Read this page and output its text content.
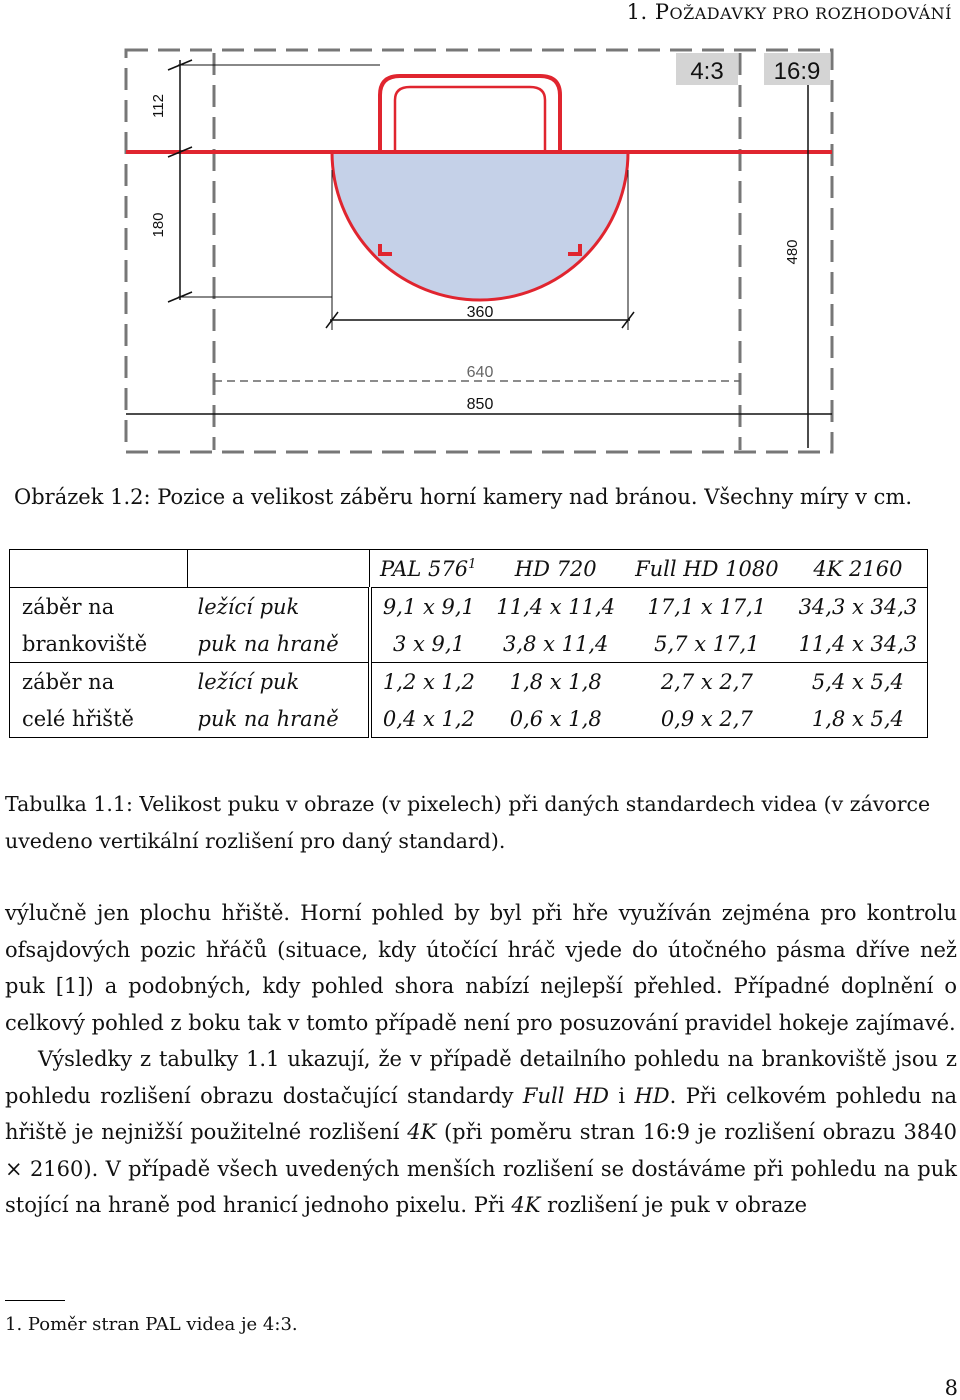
1. POŽADAVKY PRO ROZHODOVÁNÍ
112
180
360
640
850
480
4:3 16:9
Obrázek 1.2: Pozice a velikost záběru horní kamery nad bránou. Všechny míry v cm.
		PAL $576^1$	HD 720	Full HD 1080	4K 2160
záběr na	ležící puk	9,1 x 9,1	11,4 x 11,4	17,1 x 17,1	34,3 x 34,3
brankoviště	puk na hraně	3 x 9,1	3,8 x 11,4	5,7 x 17,1	11,4 x 34,3
záběr na	ležící puk	1,2 x 1,2	1,8 x 1,8	2,7 x 2,7	5,4 x 5,4
celé hřiště	puk na hraně	0,4 x 1,2	0,6 x 1,8	0,9 x 2,7	1,8 x 5,4
Tabulka 1.1: Velikost puku v obraze (v pixelech) při daných standardech videa (v závorce uvedeno vertikální rozlišení pro daný standard).

výlučně jen plochu hřiště. Horní pohled by byl při hře využíván zejména pro kontrolu ofsajdových pozic hřáčů (situace, kdy útočící hráč vjede do útočného pásma dříve než puk [1]) a podobných, kdy pohled shora nabízí nejlepší přehled. Případné doplnění o celkový pohled z boku tak v tomto případě není pro posuzování pravidel hokeje zajímavé.

Výsledky z tabulky 1.1 ukazují, že v případě detailního pohledu na brankoviště jsou z pohledu rozlišení obrazu dostačující standardy Full HD i HD. Při celkovém pohledu na hřiště je nejnižší použitelné rozlišení 4K (při poměru stran 16:9 je rozlišení obrazu 3840 × 2160). V případě všech uvedených menších rozlišení se dostáváme při pohledu na puk stojící na hraně pod hranicí jednoho pixelu. Při 4K rozlišení je puk v obraze

1. Poměr stran PAL videa je 4:3.
8
